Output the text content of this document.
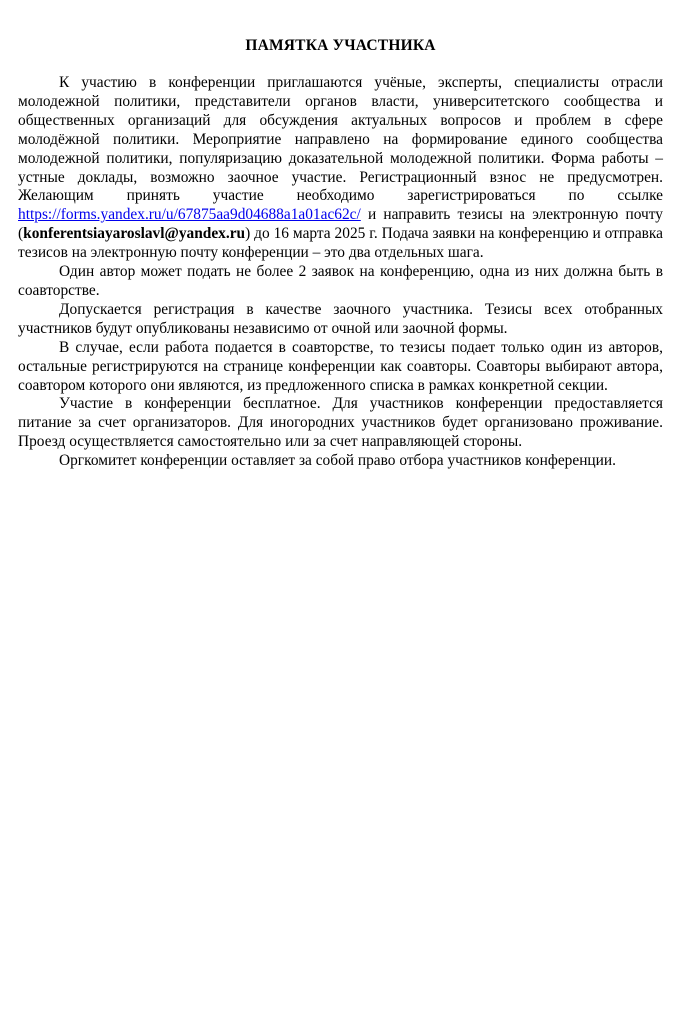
ПАМЯТКА УЧАСТНИКА

К участию в конференции приглашаются учёные, эксперты, специалисты отрасли молодежной политики, представители органов власти, университетского сообщества и общественных организаций для обсуждения актуальных вопросов и проблем в сфере молодёжной политики. Мероприятие направлено на формирование единого сообщества молодежной политики, популяризацию доказательной молодежной политики. Форма работы – устные доклады, возможно заочное участие. Регистрационный взнос не предусмотрен. Желающим принять участие необходимо зарегистрироваться по ссылке https://forms.yandex.ru/u/67875aa9d04688a1a01ac62c/ и направить тезисы на электронную почту (konferentsiayaroslavl@yandex.ru) до 16 марта 2025 г. Подача заявки на конференцию и отправка тезисов на электронную почту конференции – это два отдельных шага.

Один автор может подать не более 2 заявок на конференцию, одна из них должна быть в соавторстве.

Допускается регистрация в качестве заочного участника. Тезисы всех отобранных участников будут опубликованы независимо от очной или заочной формы.

В случае, если работа подается в соавторстве, то тезисы подает только один из авторов, остальные регистрируются на странице конференции как соавторы. Соавторы выбирают автора, соавтором которого они являются, из предложенного списка в рамках конкретной секции.

Участие в конференции бесплатное. Для участников конференции предоставляется питание за счет организаторов. Для иногородних участников будет организовано проживание. Проезд осуществляется самостоятельно или за счет направляющей стороны.

Оргкомитет конференции оставляет за собой право отбора участников конференции.
